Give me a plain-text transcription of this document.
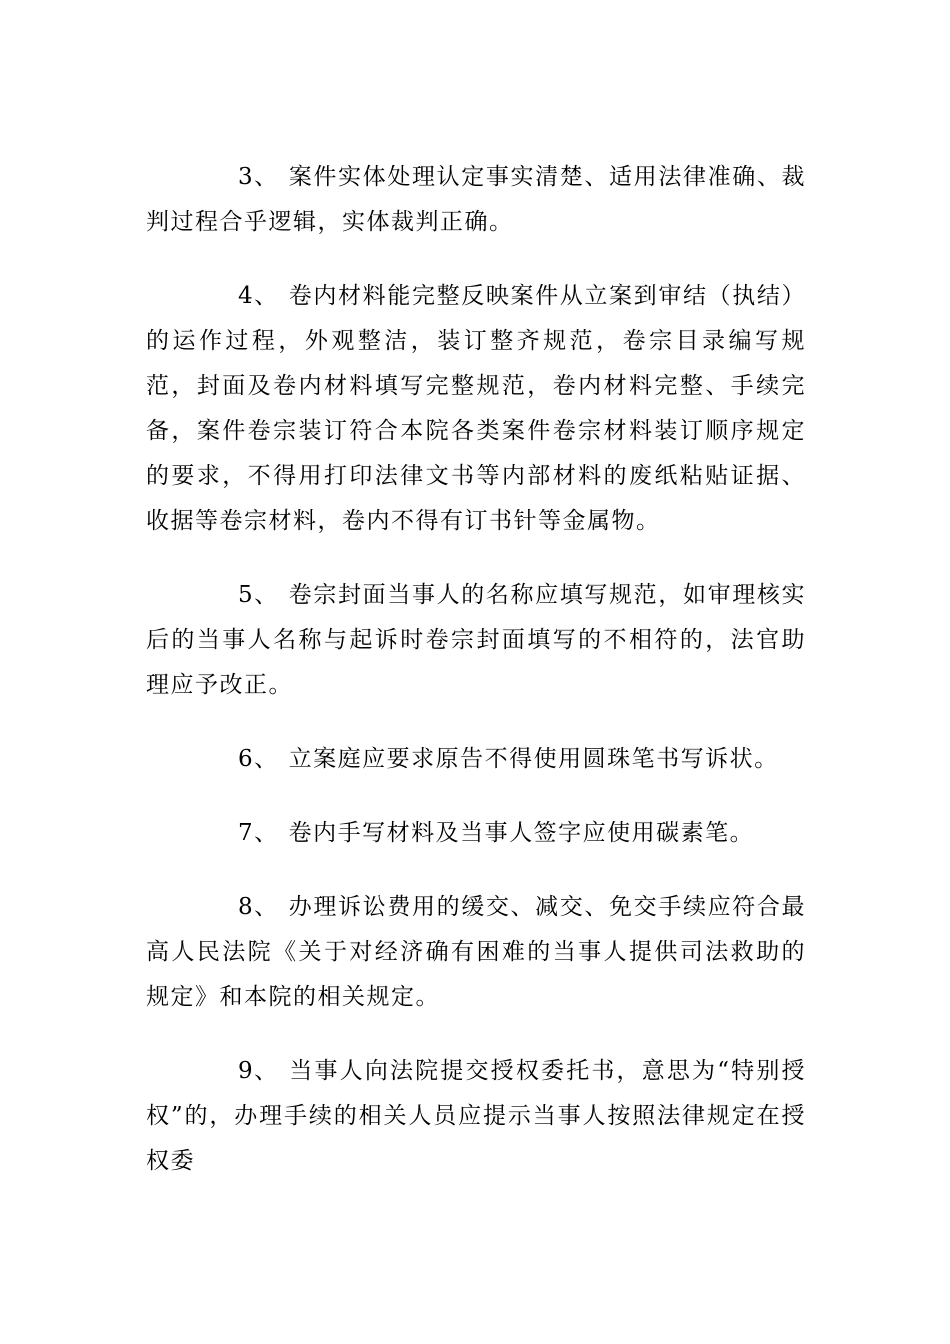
3、 案件实体处理认定事实清楚、适用法律准确、裁判过程合乎逻辑，实体裁判正确。

4、 卷内材料能完整反映案件从立案到审结（执结）的运作过程，外观整洁，装订整齐规范，卷宗目录编写规范，封面及卷内材料填写完整规范，卷内材料完整、手续完备，案件卷宗装订符合本院各类案件卷宗材料装订顺序规定的要求，不得用打印法律文书等内部材料的废纸粘贴证据、收据等卷宗材料，卷内不得有订书针等金属物。

5、 卷宗封面当事人的名称应填写规范，如审理核实后的当事人名称与起诉时卷宗封面填写的不相符的，法官助理应予改正。

6、 立案庭应要求原告不得使用圆珠笔书写诉状。

7、 卷内手写材料及当事人签字应使用碳素笔。

8、 办理诉讼费用的缓交、减交、免交手续应符合最高人民法院《关于对经济确有困难的当事人提供司法救助的规定》和本院的相关规定。

9、 当事人向法院提交授权委托书，意思为“特别授权”的，办理手续的相关人员应提示当事人按照法律规定在授权委
